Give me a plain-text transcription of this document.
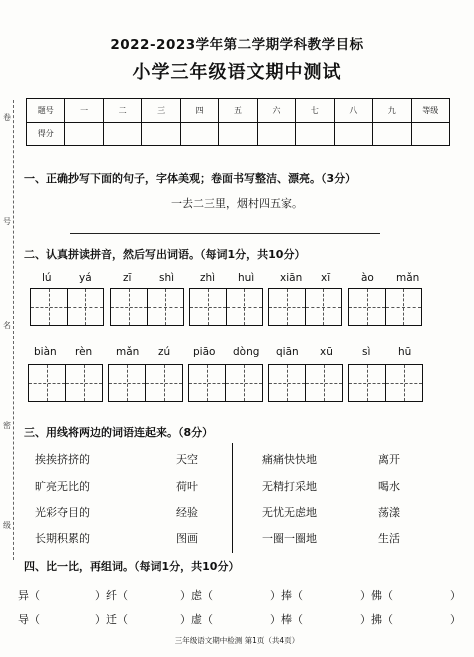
2022-2023学年第二学期学科教学目标
小学三年级语文期中测试
卷
号
名
密
级
题号	一	二	三	四	五	六	七	八	九	等级
得分										
一、正确抄写下面的句子，字体美观；卷面书写整洁、漂亮。（3分）
一去二三里，烟村四五家。
二、认真拼读拼音，然后写出词语。（每词1分，共10分）
lú	yá	zī	shì zhì huì xiān xī	ào mǎn
biàn rèn mǎn zú piāo dòng qiān xū	sì	hū
三、用线将两边的词语连起来。（8分）
挨挨挤挤的
旷亮无比的
光彩夺目的
长期积累的
天空
荷叶
经验
图画
痛痛快快地
无精打采地
无忧无虑地
一圈一圈地
离开
喝水
荡漾
生活
四、比一比，再组词。（每词1分，共10分）
异（	）纤（	）虑（	）捧（	）佛（	）
导（	）迁（	）虚（	）棒（	）拂（	）
三年级语文期中检测 第1页（共4页）
